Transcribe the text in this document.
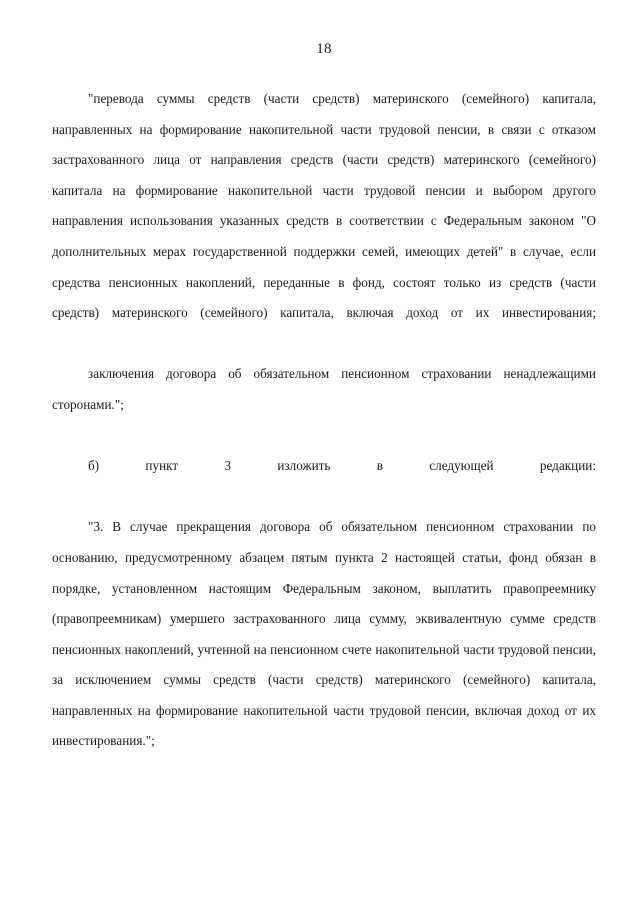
18

"перевода суммы средств (части средств) материнского (семейного) капитала, направленных на формирование накопительной части трудовой пенсии, в связи с отказом застрахованного лица от направления средств (части средств) материнского (семейного) капитала на формирование накопительной части трудовой пенсии и выбором другого направления использования указанных средств в соответствии с Федеральным законом "О дополнительных мерах государственной поддержки семей, имеющих детей" в случае, если средства пенсионных накоплений, переданные в фонд, состоят только из средств (части средств) материнского (семейного) капитала, включая доход от их инвестирования;

заключения договора об обязательном пенсионном страховании ненадлежащими сторонами.";

б) пункт 3 изложить в следующей редакции:

"3. В случае прекращения договора об обязательном пенсионном страховании по основанию, предусмотренному абзацем пятым пункта 2 настоящей статьи, фонд обязан в порядке, установленном настоящим Федеральным законом, выплатить правопреемнику (правопреемникам) умершего застрахованного лица сумму, эквивалентную сумме средств пенсионных накоплений, учтенной на пенсионном счете накопительной части трудовой пенсии, за исключением суммы средств (части средств) материнского (семейного) капитала, направленных на формирование накопительной части трудовой пенсии, включая доход от их инвестирования.";
